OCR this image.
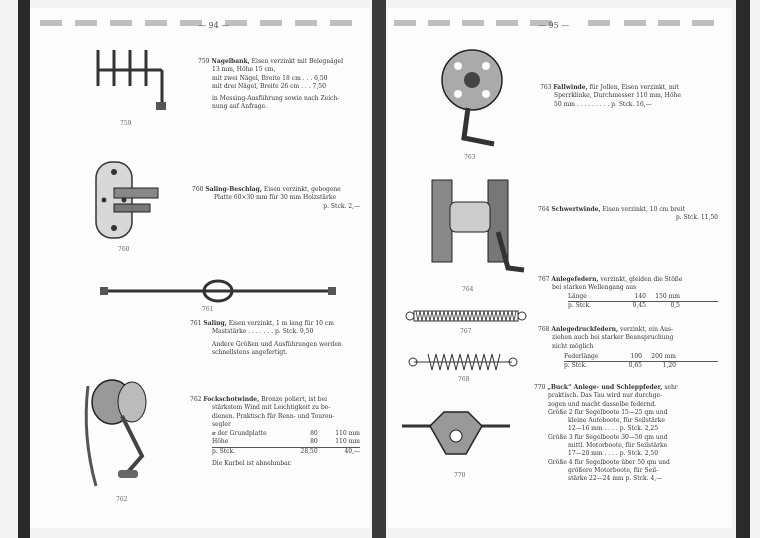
— 94 —
759
759 Nagelbank, Eisen verzinkt mit Belegnägel
13 mm, Höhe 15 cm,
mit zwei Nägel, Breite 18 cm . . . 6,50
mit drei Nägel, Breite 26 cm . . . 7,50
in Messing-Ausführung sowie nach Zeich-
nung auf Anfrage.
760
760 Saling-Beschlag, Eisen verzinkt, gebogene
Platte 60×30 mm für 30 mm Holzstärke
p. Stck. 2,—
761
761 Saling, Eisen verzinkt, 1 m lang für 10 cm
Maststärke . . . . . . . p. Stck. 9,50
Andere Größen und Ausführungen werden
schnellstens angefertigt.
762
762 Fockschotwinde, Bronze poliert, ist bei
stärkstem Wind mit Leichtigkeit zu be-
dienen. Praktisch für Renn- und Touren-
segler
⌀ der Grundplatte	80	110 mm
Höhe	80	110 mm
p. Stck.	28,50	40,—
Die Kurbel ist abnehmbar.
— 95 —
763
763 Fallwinde, für Jollen, Eisen verzinkt, mit
Sperrklinke, Durchmesser 110 mm, Höhe
50 mm . . . . . . . . . p. Stck. 16,—
764
764 Schwertwinde, Eisen verzinkt, 10 cm breit
p. Stck. 11,50
767
768
767 Anlegefedern, verzinkt, gleiden die Stöße
bei starken Wellengang aus
Länge	140	150 mm
p. Stck.	0,45	0,5
768 Anlegedruckfedern, verzinkt, ein Aus-
ziehen auch bei starker Beanspruchung
nicht möglich
Federlänge	100	200 mm
p. Stck.	0,65	1,20
770
770 „Buck“ Anlege- und Schleppfeder, sehr
praktisch. Das Tau wird nur durchge-
zogen und macht dasselbe federnd.
Größe 2 für Segelboote 15—25 qm und
kleine Autoboote, für Seilstärke
12—16 mm . . . . p. Stck. 2,25
Größe 3 für Segelboote 30—50 qm und
mittl. Motorboote, für Seilstärke
17—20 mm . . . . p. Stck. 2,50
Größe 4 für Segelboote über 50 qm und
größere Motorboote, für Seil-
stärke 22—24 mm p. Stck. 4,—
